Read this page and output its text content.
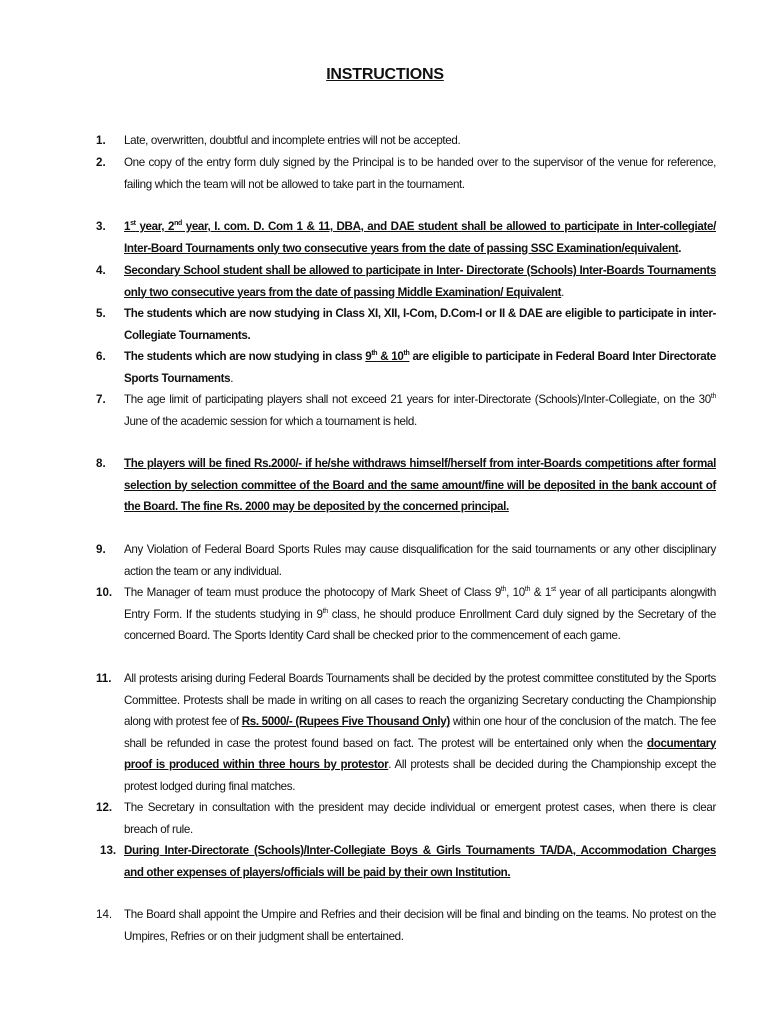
INSTRUCTIONS
1.	Late, overwritten, doubtful and incomplete entries will not be accepted.
2.	One copy of the entry form duly signed by the Principal is to be handed over to the supervisor of the venue for reference, failing which the team will not be allowed to take part in the tournament.
3.	1st year, 2nd year, I. com. D. Com 1 & 11, DBA, and DAE student shall be allowed to participate in Inter-collegiate/ Inter-Board Tournaments only two consecutive years from the date of passing SSC Examination/equivalent.
4.	Secondary School student shall be allowed to participate in Inter- Directorate (Schools) Inter-Boards Tournaments only two consecutive years from the date of passing Middle Examination/ Equivalent.
5.	The students which are now studying in Class XI, XII, I-Com, D.Com-I or II & DAE are eligible to participate in inter-Collegiate Tournaments.
6.	The students which are now studying in class 9th & 10th are eligible to participate in Federal Board Inter Directorate Sports Tournaments.
7.	The age limit of participating players shall not exceed 21 years for inter-Directorate (Schools)/Inter-Collegiate, on the 30th June of the academic session for which a tournament is held.
8.	The players will be fined Rs.2000/- if he/she withdraws himself/herself from inter-Boards competitions after formal selection by selection committee of the Board and the same amount/fine will be deposited in the bank account of the Board. The fine Rs. 2000 may be deposited by the concerned principal.
9.	Any Violation of Federal Board Sports Rules may cause disqualification for the said tournaments or any other disciplinary action the team or any individual.
10.	The Manager of team must produce the photocopy of Mark Sheet of Class 9th, 10th & 1st year of all participants alongwith Entry Form. If the students studying in 9th class, he should produce Enrollment Card duly signed by the Secretary of the concerned Board. The Sports Identity Card shall be checked prior to the commencement of each game.
11.	All protests arising during Federal Boards Tournaments shall be decided by the protest committee constituted by the Sports Committee. Protests shall be made in writing on all cases to reach the organizing Secretary conducting the Championship along with protest fee of Rs. 5000/- (Rupees Five Thousand Only) within one hour of the conclusion of the match. The fee shall be refunded in case the protest found based on fact. The protest will be entertained only when the documentary proof is produced within three hours by protestor. All protests shall be decided during the Championship except the protest lodged during final matches.
12.	The Secretary in consultation with the president may decide individual or emergent protest cases, when there is clear breach of rule.
13. During Inter-Directorate (Schools)/Inter-Collegiate Boys & Girls Tournaments TA/DA, Accommodation Charges and other expenses of players/officials will be paid by their own Institution.
14.	The Board shall appoint the Umpire and Refries and their decision will be final and binding on the teams. No protest on the Umpires, Refries or on their judgment shall be entertained.
